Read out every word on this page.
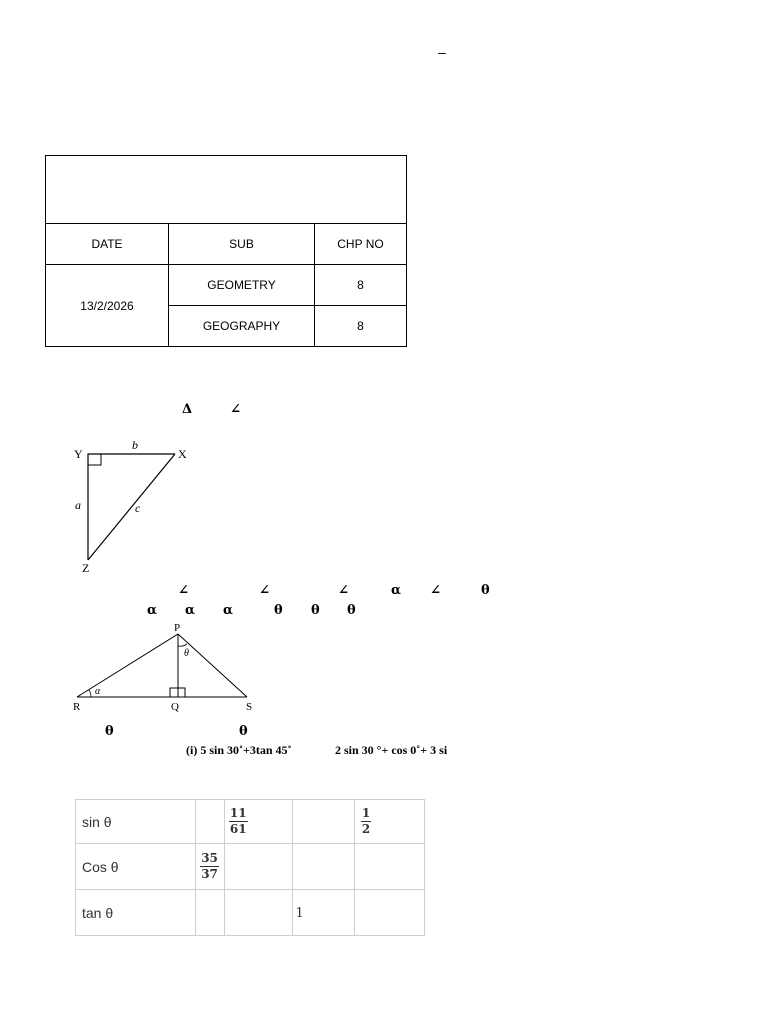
–

DATE	SUB	CHP NO
13/2/2026	GEOMETRY	8
	GEOGRAPHY	8
Δ	∠
Y	X
Z
a
b
c
∠	∠	∠	α ∠	θ
α α α	θ θ θ
P
R	Q	S
α
θ
θ	θ
(i) 5 sin 30˚+3tan 45˚	2 sin 30 °+ cos 0˚+ 3 si
sin θ		$\frac{11}{61}$		$\frac{1}{2}$

Cos θ	$\frac{35}{37}$

tan θ			1	
